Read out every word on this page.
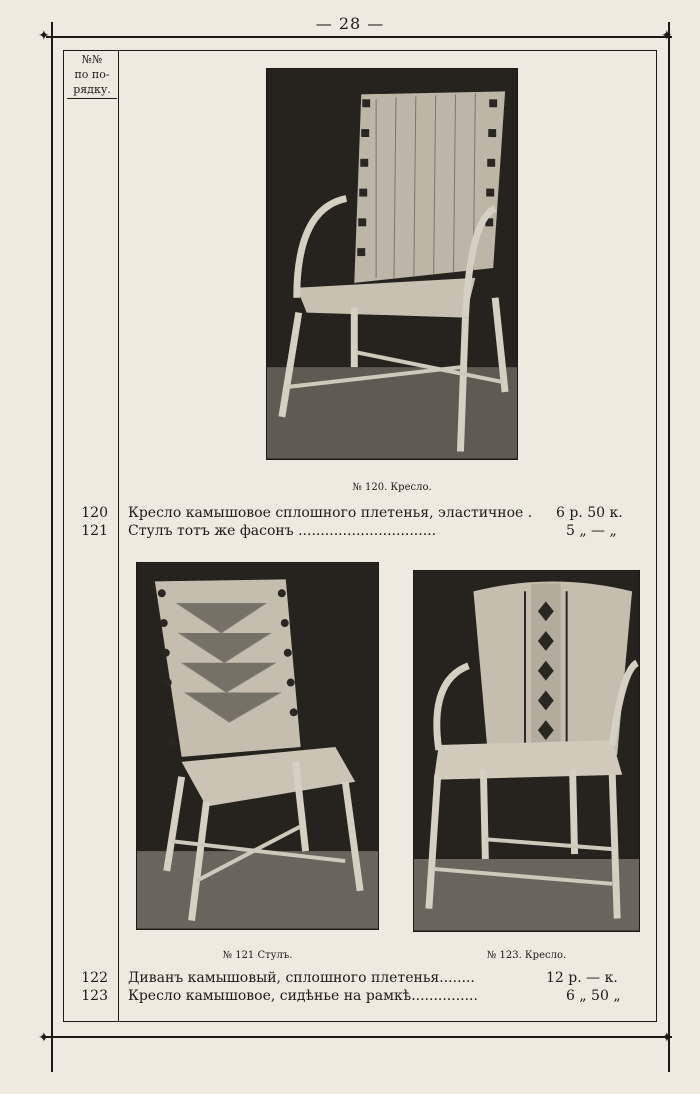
— 28 —
✦	✦
✦	✦
№№
по по-
рядку.
№ 120. Кресло.
120 Кресло камышовое сплошного плетенья, эластичное . 6 р. 50 к.
121 Стулъ тотъ же фасонъ ...............................	5 „ — „
№ 121 Стулъ.	№ 123. Кресло.
122 Диванъ камышовый, сплошного плетенья........	12 р. — к.
123 Кресло камышовое, сидѣнье на рамкѣ...............	6 „ 50 „
